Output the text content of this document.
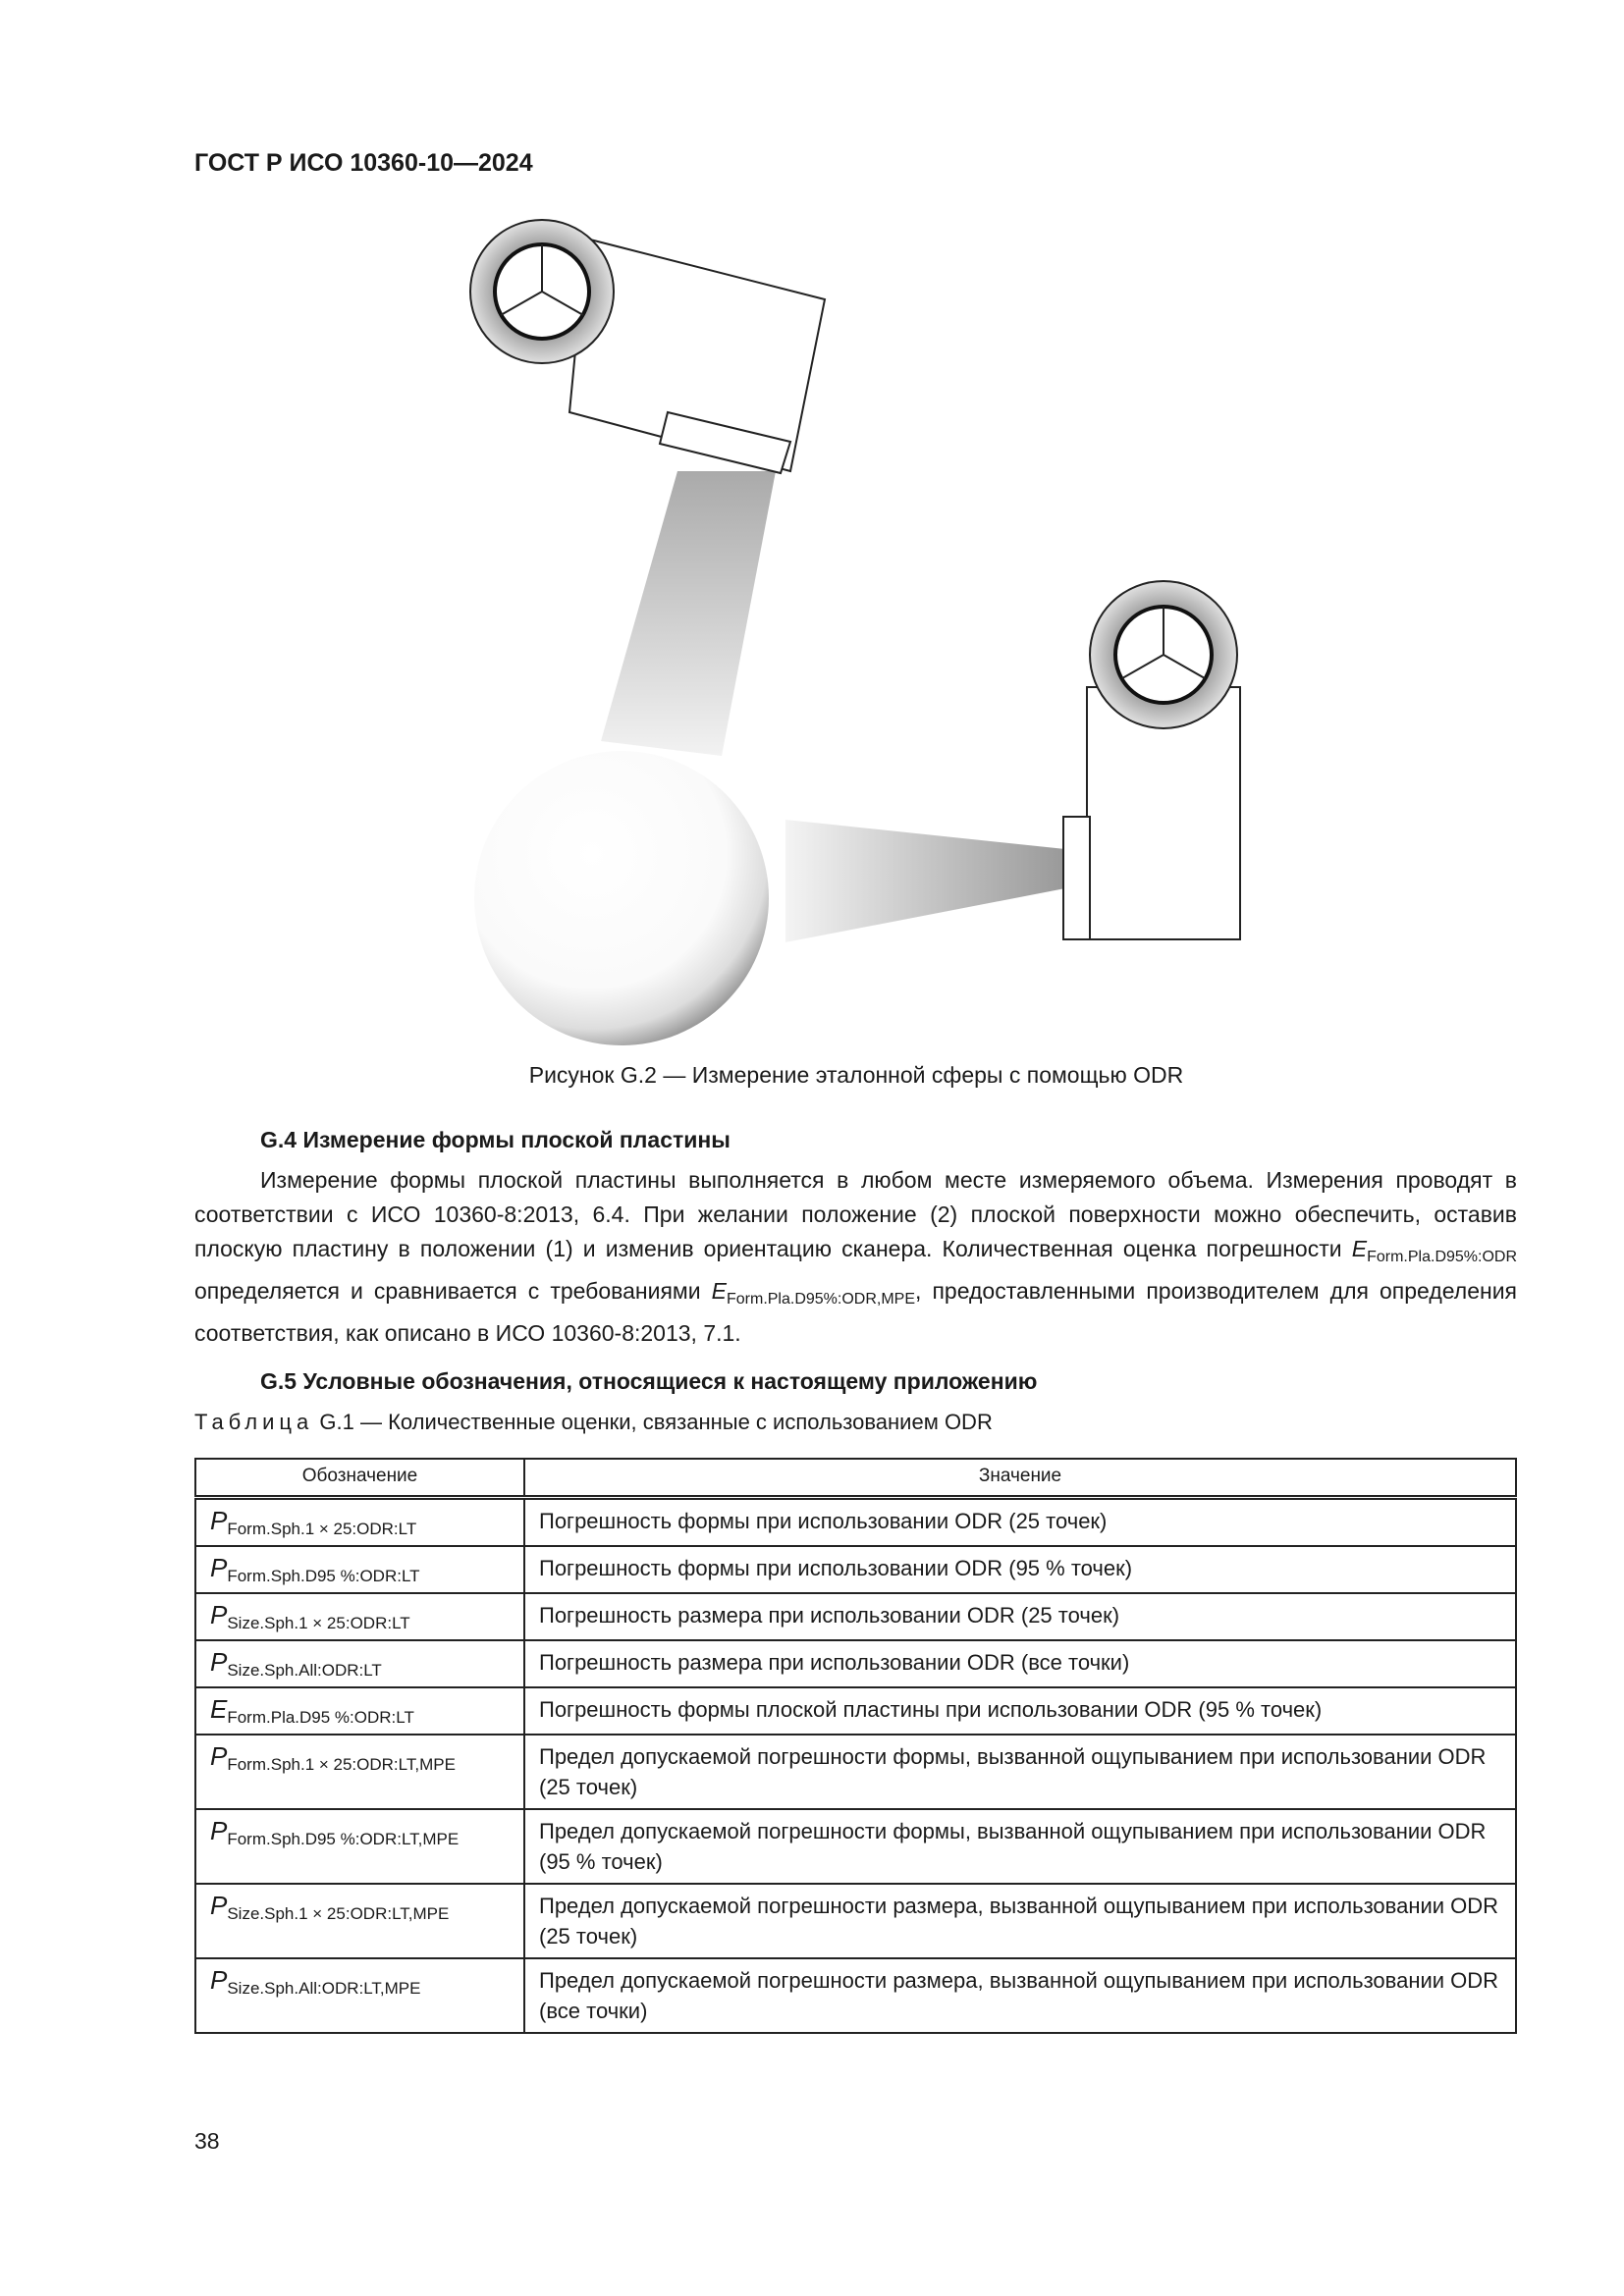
ГОСТ Р ИСО 10360-10—2024
Рисунок G.2 — Измерение эталонной сферы с помощью ODR
G.4 Измерение формы плоской пластины
Измерение формы плоской пластины выполняется в любом месте измеряемого объема. Измерения проводят в соответствии с ИСО 10360-8:2013, 6.4. При желании положение (2) плоской поверхности можно обеспечить, оставив плоскую пластину в положении (1) и изменив ориентацию сканера. Количественная оценка погрешности $E_{Form.Pla.D95\%:ODR}$ определяется и сравнивается с требованиями $E_{Form.Pla.D95\%:ODR,MPE}$, предоставленными производителем для определения соответствия, как описано в ИСО 10360-8:2013, 7.1.
G.5 Условные обозначения, относящиеся к настоящему приложению
Таблица G.1 — Количественные оценки, связанные с использованием ODR
Обозначение	Значение
$P_{Form.Sph.1 \times 25:ODR:LT}$	Погрешность формы при использовании ODR (25 точек)
$P_{Form.Sph.D95 \%:ODR:LT}$	Погрешность формы при использовании ODR (95 % точек)
$P_{Size.Sph.1 \times 25:ODR:LT}$	Погрешность размера при использовании ODR (25 точек)
$P_{Size.Sph.All:ODR:LT}$	Погрешность размера при использовании ODR (все точки)
$E_{Form.Pla.D95 \%:ODR:LT}$	Погрешность формы плоской пластины при использовании ODR (95 % точек)
$P_{Form.Sph.1 \times 25:ODR:LT,MPE}$	Предел допускаемой погрешности формы, вызванной ощупыванием при использовании ODR (25 точек)
$P_{Form.Sph.D95 \%:ODR:LT,MPE}$	Предел допускаемой погрешности формы, вызванной ощупыванием при использовании ODR (95 % точек)
$P_{Size.Sph.1 \times 25:ODR:LT,MPE}$	Предел допускаемой погрешности размера, вызванной ощупыванием при использовании ODR (25 точек)
$P_{Size.Sph.All:ODR:LT,MPE}$	Предел допускаемой погрешности размера, вызванной ощупыванием при использовании ODR (все точки)
38
